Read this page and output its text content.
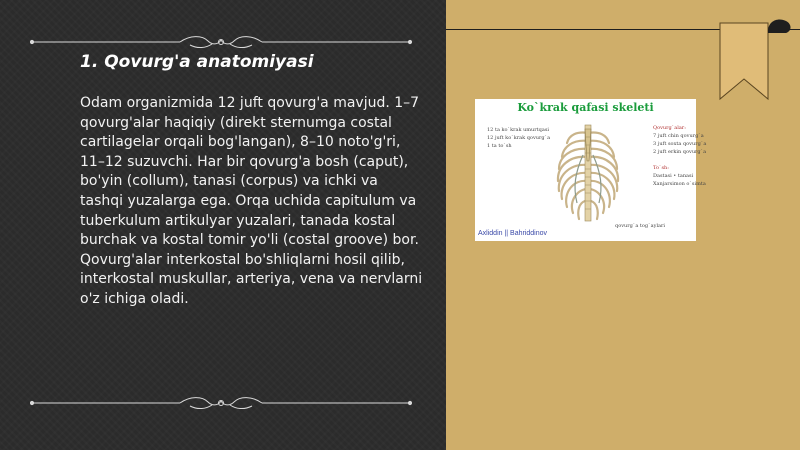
1. Qovurg'a anatomiyasi

Odam organizmida 12 juft qovurg'a mavjud. 1–7 qovurg'alar haqiqiy (direkt sternumga costal cartilagelar orqali bog'langan), 8–10 noto'g'ri, 11–12 suzuvchi. Har bir qovurg'a bosh (caput), bo'yin (collum), tanasi (corpus) va ichki va tashqi yuzalarga ega. Orqa uchida capitulum va tuberkulum artikulyar yuzalari, tanada kostal burchak va kostal tomir yo'li (costal groove) bor. Qovurg'alar interkostal bo'shliqlarni hosil qilib, interkostal muskullar, arteriya, vena va nervlarni o'z ichiga oladi.

Ko`krak qafasi skeleti
12 ta ko`krak umurtqasi
12 juft ko`krak qovurg`a
1 ta to`sh
Qovurg`alar:
7 juft chin qovurg`a
3 juft soxta qovurg`a
2 juft erkin qovurg`a
To`sh:
Dastasi • tanasi
Xanjarsimon o`simta
qovurg`a tog`aylari
Axliddin || Bahriddinov
